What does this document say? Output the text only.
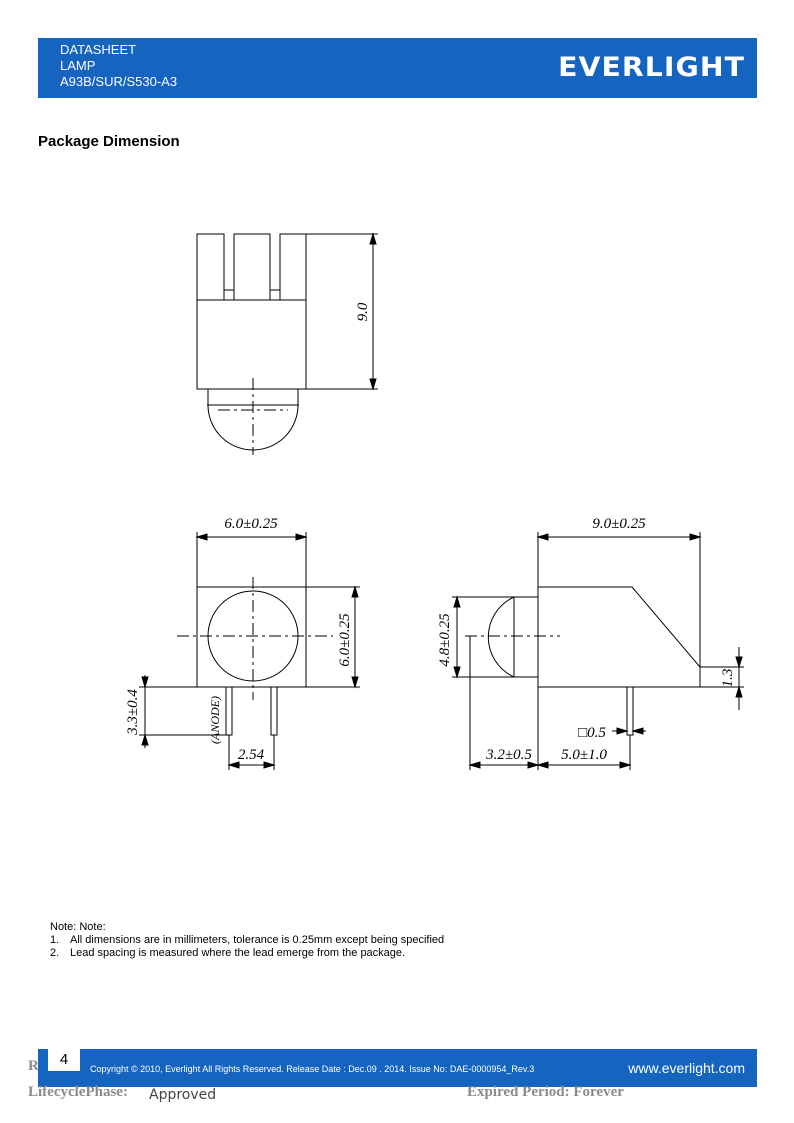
DATASHEET
LAMP
A93B/SUR/S530-A3	EVERLIGHT
Package Dimension
9.0
6.0±0.25
6.0±0.25
3.3±0.4	(ANODE)
2.54
9.0±0.25
4.8±0.25
1.3
□0.5
3.2±0.5 5.0±1.0
Note: Note:
1. All dimensions are in millimeters, tolerance is 0.25mm except being specified
2. Lead spacing is measured where the lead emerge from the package.
4
Copyright © 2010, Everlight All Rights Reserved. Release Date : Dec.09 . 2014. Issue No: DAE-0000954_Rev.3	www.everlight.com
R
LifecyclePhase: Approved	Expired Period: Forever
